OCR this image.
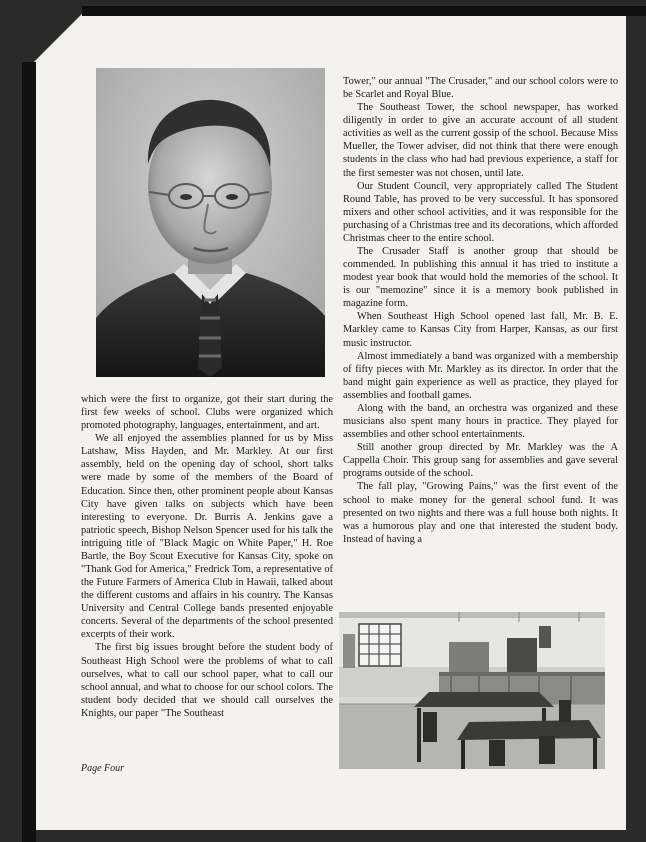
which were the first to organize, got their start during the first few weeks of school. Clubs were organized which promoted photography, languages, entertainment, and art.

We all enjoyed the assemblies planned for us by Miss Latshaw, Miss Hayden, and Mr. Markley. At our first assembly, held on the opening day of school, short talks were made by some of the members of the Board of Education. Since then, other prominent people about Kansas City have given talks on subjects which have been interesting to everyone. Dr. Burris A. Jenkins gave a patriotic speech, Bishop Nelson Spencer used for his talk the intriguing title of "Black Magic on White Paper," H. Roe Bartle, the Boy Scout Executive for Kansas City, spoke on "Thank God for America," Fredrick Tom, a representative of the Future Farmers of America Club in Hawaii, talked about the different customs and affairs in his country. The Kansas University and Central College bands presented enjoyable concerts. Several of the departments of the school presented excerpts of their work.

The first big issues brought before the student body of Southeast High School were the problems of what to call ourselves, what to call our school paper, what to call our school annual, and what to choose for our school colors. The student body decided that we should call ourselves the Knights, our paper "The Southeast

Tower," our annual "The Crusader," and our school colors were to be Scarlet and Royal Blue.

The Southeast Tower, the school newspaper, has worked diligently in order to give an accurate account of all student activities as well as the current gossip of the school. Because Miss Mueller, the Tower adviser, did not think that there were enough students in the class who had had previous experience, a staff for the first semester was not chosen, until late.

Our Student Council, very appropriately called The Student Round Table, has proved to be very successful. It has sponsored mixers and other school activities, and it was responsible for the purchasing of a Christmas tree and its decorations, which afforded Christmas cheer to the entire school.

The Crusader Staff is another group that should be commended. In publishing this annual it has tried to institute a modest year book that would hold the memories of the school. It is our "memozine" since it is a memory book published in magazine form.

When Southeast High School opened last fall, Mr. B. E. Markley came to Kansas City from Harper, Kansas, as our first music instructor.

Almost immediately a band was organized with a membership of fifty pieces with Mr. Markley as its director. In order that the band might gain experience as well as practice, they played for assemblies and football games.

Along with the band, an orchestra was organized and these musicians also spent many hours in practice. They played for assemblies and other school entertainments.

Still another group directed by Mr. Markley was the A Cappella Choir. This group sang for assemblies and gave several programs outside of the school.

The fall play, "Growing Pains," was the first event of the school to make money for the general school fund. It was presented on two nights and there was a full house both nights. It was a humorous play and one that interested the student body. Instead of having a

Page Four
